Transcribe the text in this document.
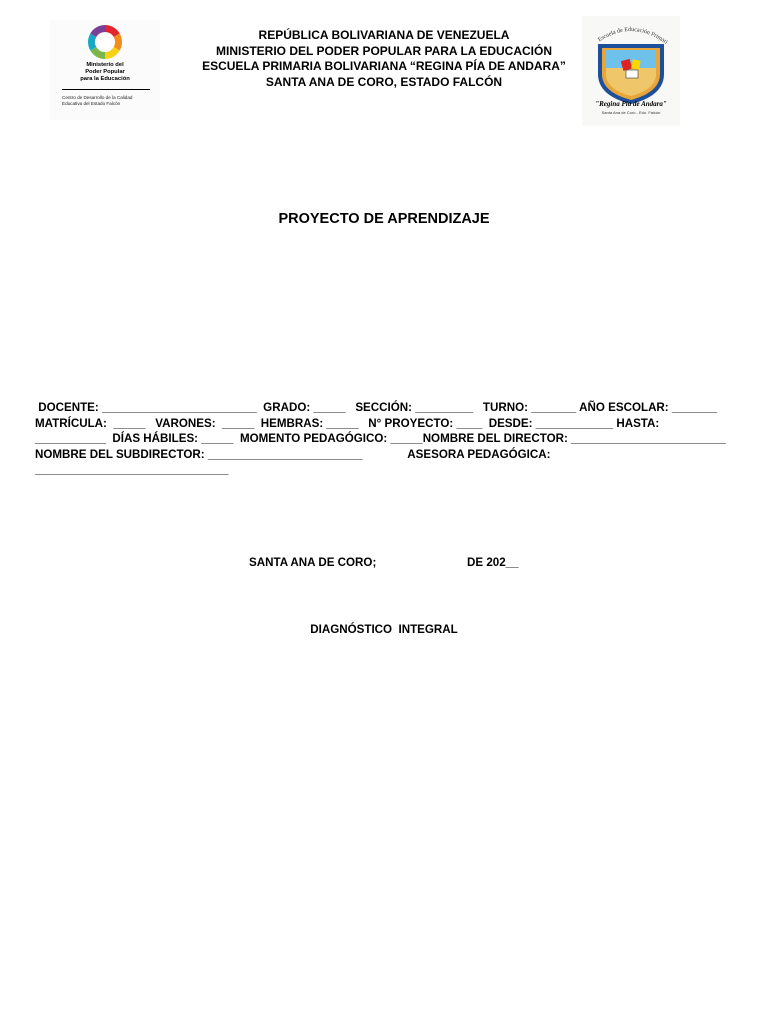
REPÚBLICA BOLIVARIANA DE VENEZUELA
MINISTERIO DEL PODER POPULAR PARA LA EDUCACIÓN
ESCUELA PRIMARIA BOLIVARIANA “REGINA PÍA DE ANDARA”
SANTA ANA DE CORO, ESTADO FALCÓN
Ministerio del
Poder Popular
para la Educación
Centro de Desarrollo de la Calidad
Educativa del Estado Falcón
Escuela de Educación Primari
"Regina Pía de Andara"
Santa Ana de Coro - Edo. Falcón
PROYECTO DE APRENDIZAJE
DOCENTE: ________________________  GRADO: _____   SECCIÓN: _________   TURNO: _______ AÑO ESCOLAR: _______
MATRÍCULA:  _____   VARONES:  _____  HEMBRAS: _____   N° PROYECTO: ____  DESDE: ____________ HASTA:
___________  DÍAS HÁBILES: _____  MOMENTO PEDAGÓGICO: _____NOMBRE DEL DIRECTOR: ________________________
NOMBRE DEL SUBDIRECTOR: ________________________              ASESORA PEDAGÓGICA:
______________________________
SANTA ANA DE CORO;	DE 202__
DIAGNÓSTICO  INTEGRAL
